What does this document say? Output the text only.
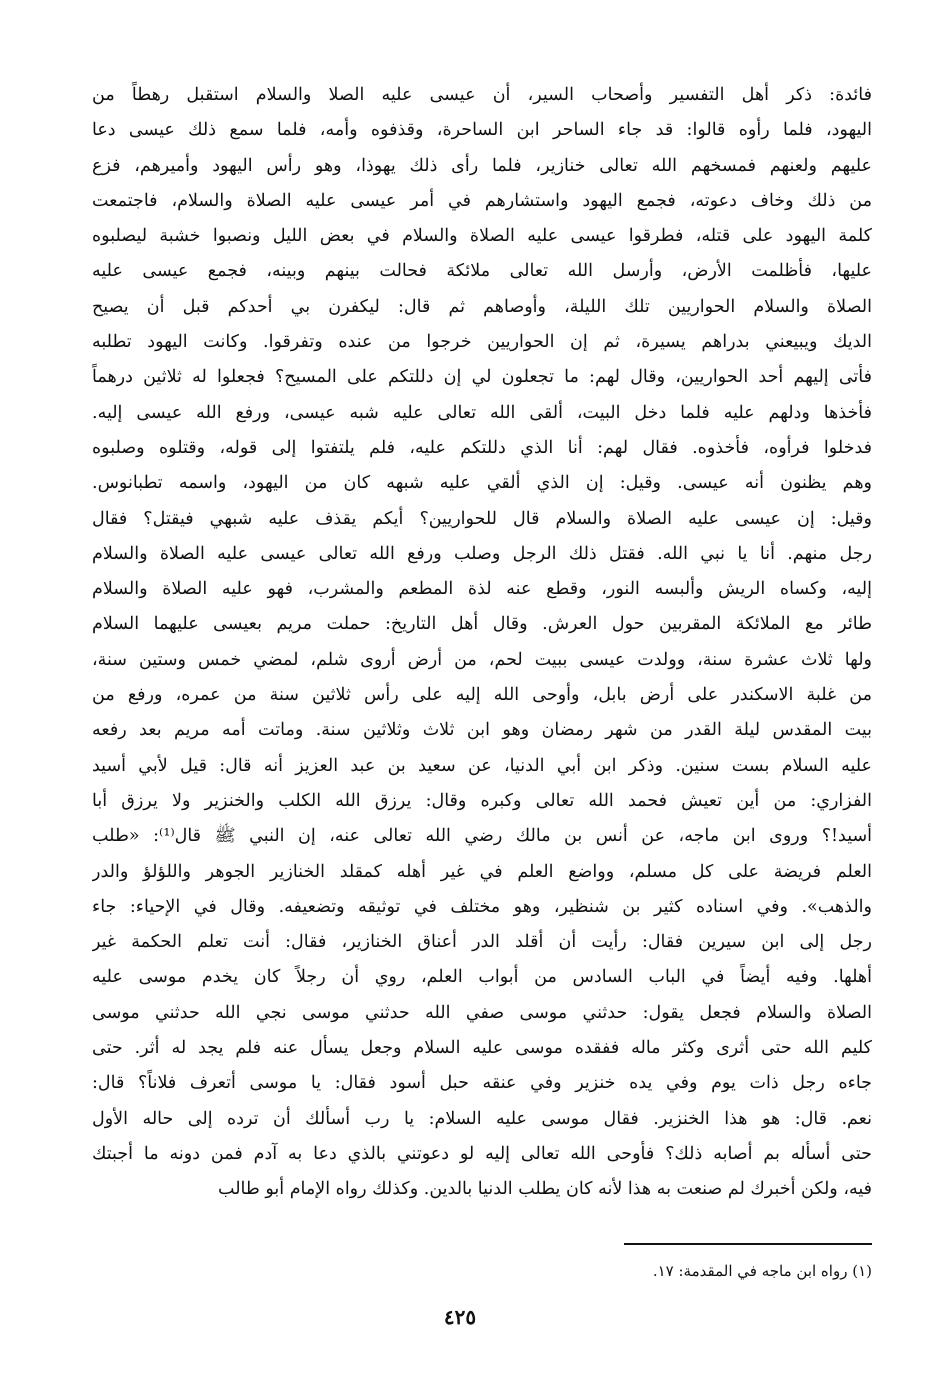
فائدة: ذكر أهل التفسير وأصحاب السير، أن عيسى عليه الصلا والسلام استقبل رهطاً من
اليهود، فلما رأوه قالوا: قد جاء الساحر ابن الساحرة، وقذفوه وأمه، فلما سمع ذلك عيسى دعا
عليهم ولعنهم فمسخهم الله تعالى خنازير، فلما رأى ذلك يهوذا، وهو رأس اليهود وأميرهم، فزع
من ذلك وخاف دعوته، فجمع اليهود واستشارهم في أمر عيسى عليه الصلاة والسلام، فاجتمعت
كلمة اليهود على قتله، فطرقوا عيسى عليه الصلاة والسلام في بعض الليل ونصبوا خشبة ليصلبوه
عليها، فأظلمت الأرض، وأرسل الله تعالى ملائكة فحالت بينهم وبينه، فجمع عيسى عليه
الصلاة والسلام الحواريين تلك الليلة، وأوصاهم ثم قال: ليكفرن بي أحدكم قبل أن يصيح
الديك ويبيعني بدراهم يسيرة، ثم إن الحواريين خرجوا من عنده وتفرقوا. وكانت اليهود تطلبه
فأتى إليهم أحد الحواريين، وقال لهم: ما تجعلون لي إن دللتكم على المسيح؟ فجعلوا له ثلاثين درهماً
فأخذها ودلهم عليه فلما دخل البيت، ألقى الله تعالى عليه شبه عيسى، ورفع الله عيسى إليه.
فدخلوا فرأوه، فأخذوه. فقال لهم: أنا الذي دللتكم عليه، فلم يلتفتوا إلى قوله، وقتلوه وصلبوه
وهم يظنون أنه عيسى. وقيل: إن الذي ألقي عليه شبهه كان من اليهود، واسمه تطبانوس.
وقيل: إن عيسى عليه الصلاة والسلام قال للحواريين؟ أيكم يقذف عليه شبهي فيقتل؟ فقال
رجل منهم. أنا يا نبي الله. فقتل ذلك الرجل وصلب ورفع الله تعالى عيسى عليه الصلاة والسلام
إليه، وكساه الريش وألبسه النور، وقطع عنه لذة المطعم والمشرب، فهو عليه الصلاة والسلام
طائر مع الملائكة المقربين حول العرش. وقال أهل التاريخ: حملت مريم بعيسى عليهما السلام
ولها ثلاث عشرة سنة، وولدت عيسى ببيت لحم، من أرض أروى شلم، لمضي خمس وستين سنة،
من غلبة الاسكندر على أرض بابل، وأوحى الله إليه على رأس ثلاثين سنة من عمره، ورفع من
بيت المقدس ليلة القدر من شهر رمضان وهو ابن ثلاث وثلاثين سنة. وماتت أمه مريم بعد رفعه
عليه السلام بست سنين. وذكر ابن أبي الدنيا، عن سعيد بن عبد العزيز أنه قال: قيل لأبي أسيد
الفزاري: من أين تعيش فحمد الله تعالى وكبره وقال: يرزق الله الكلب والخنزير ولا يرزق أبا
أسيد!؟ وروى ابن ماجه، عن أنس بن مالك رضي الله تعالى عنه، إن النبي ﷺ قال⁽¹⁾: «طلب
العلم فريضة على كل مسلم، وواضع العلم في غير أهله كمقلد الخنازير الجوهر واللؤلؤ والدر
والذهب». وفي اسناده كثير بن شنظير، وهو مختلف في توثيقه وتضعيفه. وقال في الإحياء: جاء
رجل إلى ابن سيرين فقال: رأيت أن أقلد الدر أعناق الخنازير، فقال: أنت تعلم الحكمة غير
أهلها. وفيه أيضاً في الباب السادس من أبواب العلم، روي أن رجلاً كان يخدم موسى عليه
الصلاة والسلام فجعل يقول: حدثني موسى صفي الله حدثني موسى نجي الله حدثني موسى
كليم الله حتى أثرى وكثر ماله ففقده موسى عليه السلام وجعل يسأل عنه فلم يجد له أثر. حتى
جاءه رجل ذات يوم وفي يده خنزير وفي عنقه حبل أسود فقال: يا موسى أتعرف فلاناً؟ قال:
نعم. قال: هو هذا الخنزير. فقال موسى عليه السلام: يا رب أسألك أن ترده إلى حاله الأول
حتى أسأله بم أصابه ذلك؟ فأوحى الله تعالى إليه لو دعوتني بالذي دعا به آدم فمن دونه ما أجبتك
فيه، ولكن أخبرك لم صنعت به هذا لأنه كان يطلب الدنيا بالدين. وكذلك رواه الإمام أبو طالب
(١) رواه ابن ماجه في المقدمة: ١٧.
٤٢٥
